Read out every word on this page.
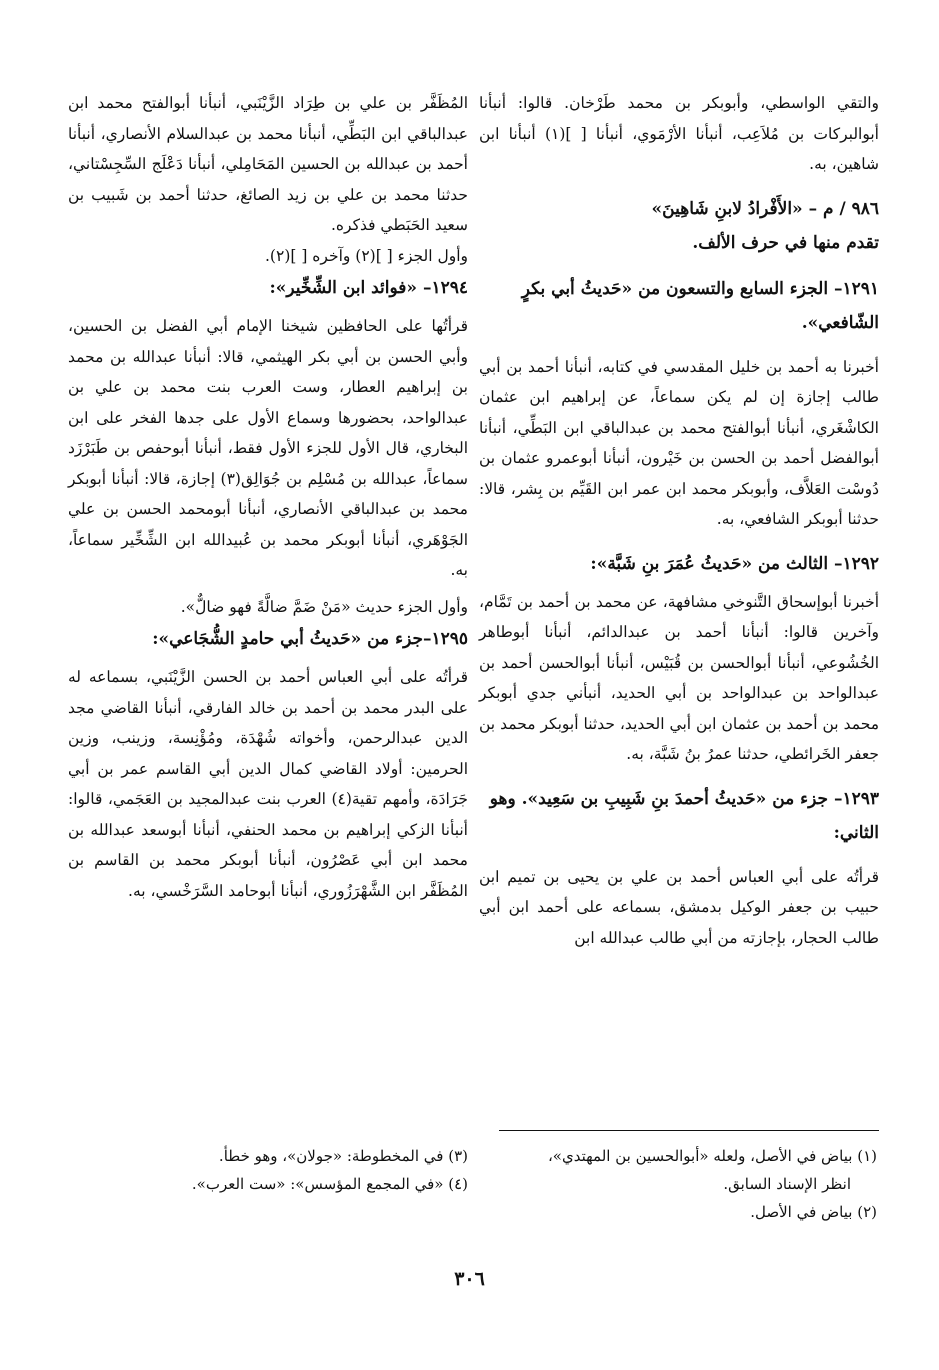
والتقي الواسطي، وأبوبكر بن محمد طَرْخان. قالوا: أنبأنا أبوالبركات بن مُلاَعِب، أنبأنا الأرْمَوي، أنبأنا [ ](١) أنبأنا ابن شاهين، به.

٩٨٦ / م – «الأَفْرادُ لابنِ شَاهِينَ»

تقدم منها في حرف الألف.

١٢٩١– الجزء السابع والتسعون من «حَديثُ أبي بكرٍ الشّافعي».

أخبرنا به أحمد بن خليل المقدسي في كتابه، أنبأنا أحمد بن أبي طالب إجازة إن لم يكن سماعاً، عن إبراهيم ابن عثمان الكاشْغَري، أنبأنا أبوالفتح محمد بن عبدالباقي ابن البَطِّي، أنبأنا أبوالفضل أحمد بن الحسن بن خَيْرون، أنبأنا أبوعمرو عثمان بن دُوسْت العَلاَّف، وأبوبكر محمد ابن عمر ابن القَيِّم بن بِشر، قالا: حدثنا أبوبكر الشافعي، به.

١٢٩٢– الثالث من «حَديثُ عُمَرَ بنِ شَبَّة»:

أخبرنا أبوإسحاق التَّنوخي مشافهة، عن محمد بن أحمد بن تَمَّام، وآخرين قالوا: أنبأنا أحمد بن عبدالدائم، أنبأنا أبوطاهر الخُشُوعي، أنبأنا أبوالحسن بن قُبَيْس، أنبأنا أبوالحسن أحمد بن عبدالواحد بن عبدالواحد بن أبي الحديد، أنبأني جدي أبوبكر محمد بن أحمد بن عثمان ابن أبي الحديد، حدثنا أبوبكر محمد بن جعفر الخَرائطي، حدثنا عمرُ بنُ شَبَّة، به.

١٢٩٣– جزء من «حَديثُ أحمدَ بنِ شَبِيبِ بن سَعِيد». وهو الثاني:

قرأتُه على أبي العباس أحمد بن علي بن يحيى بن تميم ابن حبيب بن جعفر الوكيل بدمشق، بسماعه على أحمد ابن أبي طالب الحجار، بإجازته من أبي طالب عبدالله ابن

المُظَفَّر بن علي بن طِرَاد الزَّيْنَبي، أنبأنا أبوالفتح محمد ابن عبدالباقي ابن البَطِّي، أنبأنا محمد بن عبدالسلام الأنصاري، أنبأنا أحمد بن عبدالله بن الحسين المَحَامِلي، أنبأنا دَعْلَج السِّجِسْتاني، حدثنا محمد بن علي بن زيد الصائغ، حدثنا أحمد بن شَبيب بن سعيد الحَبَطي فذكره.

وأول الجزء [ ](٢) وآخره [ ](٢).

١٢٩٤– «فوائد ابن الشِّخِّير»:

قرأتُها على الحافظين شيخنا الإمام أبي الفضل بن الحسين، وأبي الحسن بن أبي بكر الهيثمي، قالا: أنبأنا عبدالله بن محمد بن إبراهيم العطار، وست العرب بنت محمد بن علي بن عبدالواحد، بحضورها وسماع الأول على جدها الفخر على ابن البخاري، قال الأول للجزء الأول فقط، أنبأنا أبوحفص بن طَبَرْزَد سماعاً، عبدالله بن مُسْلِم بن جُوَالِق(٣) إجازة، قالا: أنبأنا أبوبكر محمد بن عبدالباقي الأنصاري، أنبأنا أبومحمد الحسن بن علي الجَوْهَري، أنبأنا أبوبكر محمد بن عُبيدالله ابن الشِّخِّير سماعاً، به.

وأول الجزء حديث «مَنْ ضَمَّ ضالَّةً فهو ضالٌّ».

١٢٩٥–جزء من «حَديثُ أبي حامدٍ الشُّجَاعي»:

قرأتُه على أبي العباس أحمد بن الحسن الزَّيْنَبي، بسماعه له على البدر محمد بن أحمد بن خالد الفارقي، أنبأنا القاضي مجد الدين عبدالرحمن، وأخواته شُهْدَة، ومُؤْنِسة، وزينب، وزين الحرمين: أولاد القاضي كمال الدين أبي القاسم عمر بن أبي جَرَادَة، وأمهم تقية(٤) العرب بنت عبدالمجيد بن العَجَمي، قالوا: أنبأنا الزكي إبراهيم بن محمد الحنفي، أنبأنا أبوسعد عبدالله بن محمد ابن أبي عَصْرُون، أنبأنا أبوبكر محمد بن القاسم بن المُظَفَّر ابن الشَّهْرَزُوري، أنبأنا أبوحامد السَّرَخْسي، به.

(١) بياض في الأصل، ولعله «أبوالحسين بن المهتدي»،
انظر الإسناد السابق.
(٢) بياض في الأصل.
(٣) في المخطوطة: «جولان»، وهو خطأ.
(٤) «في المجمع المؤسس»: «ست العرب».
٣٠٦
